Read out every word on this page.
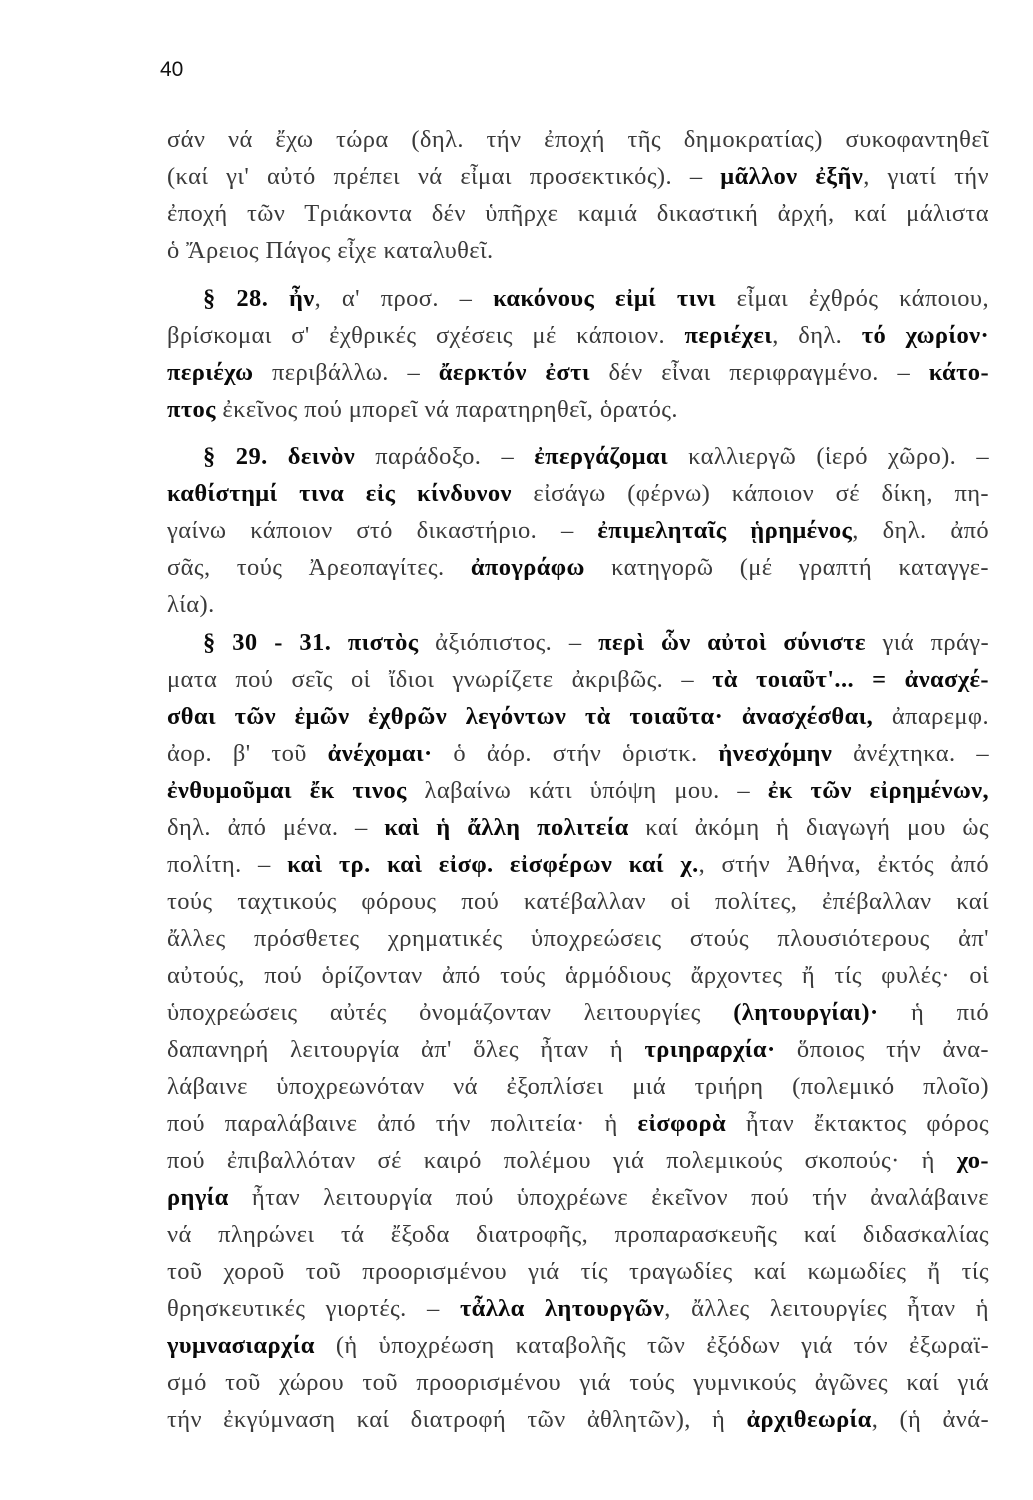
40
σάν νά ἔχω τώρα (δηλ. τήν ἐποχή τῆς δημοκρατίας) συκοφαντηθεῖ
(καί γι' αὐτό πρέπει νά εἶμαι προσεκτικός). – μᾶλλον ἐξῆν, γιατί τήν
ἐποχή τῶν Τριάκοντα δέν ὑπῆρχε καμιά δικαστική ἀρχή, καί μάλιστα
ὁ Ἄρειος Πάγος εἶχε καταλυθεῖ.
§ 28. ἦν, α' προσ. – κακόνους εἰμί τινι εἶμαι ἐχθρός κάποιου,
βρίσκομαι σ' ἐχθρικές σχέσεις μέ κάποιον. περιέχει, δηλ. τό χωρίον·
περιέχω περιβάλλω. – ἄερκτόν ἐστι δέν εἶναι περιφραγμένο. – κάτο-
πτος ἐκεῖνος πού μπορεῖ νά παρατηρηθεῖ, ὁρατός.
§ 29. δεινὸν παράδοξο. – ἐπεργάζομαι καλλιεργῶ (ἱερό χῶρο). –
καθίστημί τινα εἰς κίνδυνον εἰσάγω (φέρνω) κάποιον σέ δίκη, πη-
γαίνω κάποιον στό δικαστήριο. – ἐπιμεληταῖς ᾑρημένος, δηλ. ἀπό
σᾶς, τούς Ἀρεοπαγίτες. ἀπογράφω κατηγορῶ (μέ γραπτή καταγγε-
λία).
§ 30 - 31. πιστὸς ἀξιόπιστος. – περὶ ὧν αὐτοὶ σύνιστε γιά πράγ-
ματα πού σεῖς οἱ ἴδιοι γνωρίζετε ἀκριβῶς. – τὰ τοιαῦτ'... = ἀνασχέ-
σθαι τῶν ἐμῶν ἐχθρῶν λεγόντων τὰ τοιαῦτα· ἀνασχέσθαι, ἀπαρεμφ.
ἀορ. β' τοῦ ἀνέχομαι· ὁ ἀόρ. στήν ὁριστκ. ἠνεσχόμην ἀνέχτηκα. –
ἐνθυμοῦμαι ἔκ τινος λαβαίνω κάτι ὑπόψη μου. – ἐκ τῶν εἰρημένων,
δηλ. ἀπό μένα. – καὶ ἡ ἄλλη πολιτεία καί ἀκόμη ἡ διαγωγή μου ὡς
πολίτη. – καὶ τρ. καὶ εἰσφ. εἰσφέρων καί χ., στήν Ἀθήνα, ἐκτός ἀπό
τούς ταχτικούς φόρους πού κατέβαλλαν οἱ πολίτες, ἐπέβαλλαν καί
ἄλλες πρόσθετες χρηματικές ὑποχρεώσεις στούς πλουσιότερους ἀπ'
αὐτούς, πού ὁρίζονταν ἀπό τούς ἁρμόδιους ἄρχοντες ἤ τίς φυλές· οἱ
ὑποχρεώσεις αὐτές ὀνομάζονταν λειτουργίες (λητουργίαι)· ἡ πιό
δαπανηρή λειτουργία ἀπ' ὅλες ἦταν ἡ τριηραρχία· ὅποιος τήν ἀνα-
λάβαινε ὑποχρεωνόταν νά ἐξοπλίσει μιά τριήρη (πολεμικό πλοῖο)
πού παραλάβαινε ἀπό τήν πολιτεία· ἡ εἰσφορὰ ἦταν ἔκτακτος φόρος
πού ἐπιβαλλόταν σέ καιρό πολέμου γιά πολεμικούς σκοπούς· ἡ χο-
ρηγία ἦταν λειτουργία πού ὑποχρέωνε ἐκεῖνον πού τήν ἀναλάβαινε
νά πληρώνει τά ἔξοδα διατροφῆς, προπαρασκευῆς καί διδασκαλίας
τοῦ χοροῦ τοῦ προορισμένου γιά τίς τραγωδίες καί κωμωδίες ἤ τίς
θρησκευτικές γιορτές. – τἆλλα λητουργῶν, ἄλλες λειτουργίες ἦταν ἡ
γυμνασιαρχία (ἡ ὑποχρέωση καταβολῆς τῶν ἐξόδων γιά τόν ἐξωραϊ-
σμό τοῦ χώρου τοῦ προορισμένου γιά τούς γυμνικούς ἀγῶνες καί γιά
τήν ἐκγύμναση καί διατροφή τῶν ἀθλητῶν), ἡ ἀρχιθεωρία, (ἡ ἀνά-
